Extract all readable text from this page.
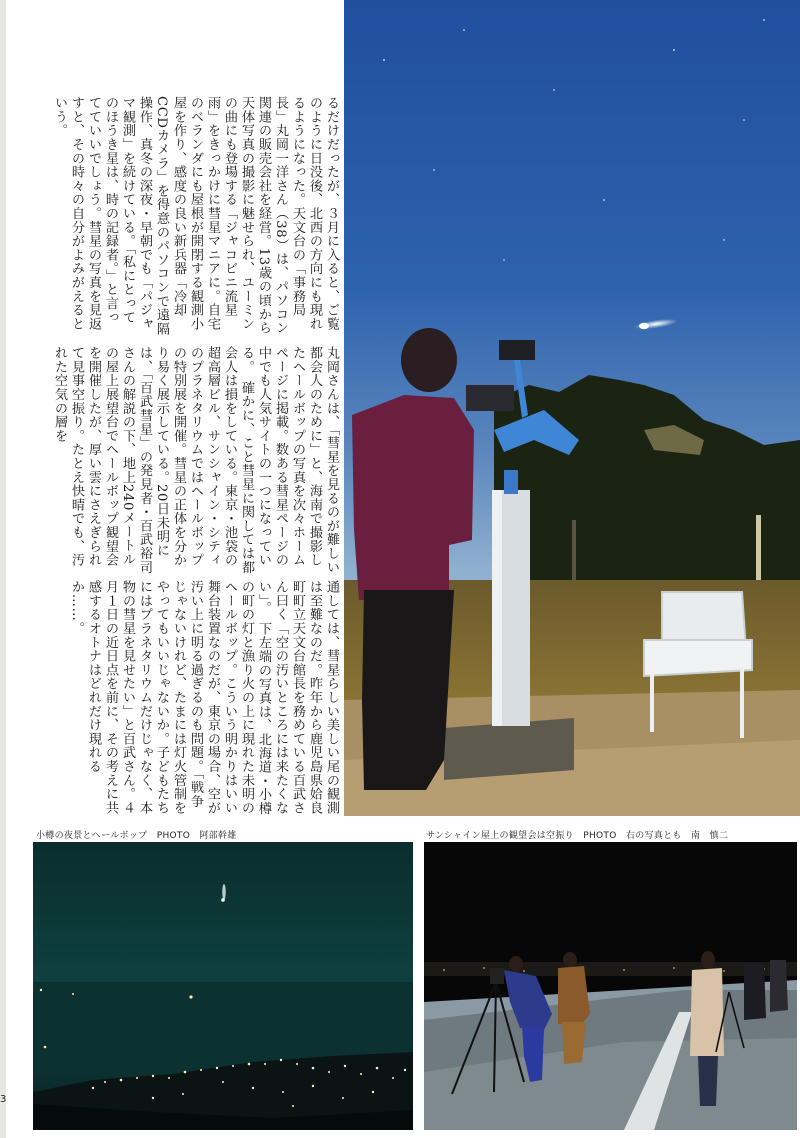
るだけだったが、３月に入ると、ご覧のように日没後、北西の方向にも現れるようになった。天文台の「事務局長」丸岡一洋さん（38）は、パソコン関連の販売会社を経営。13歳の頃から天体写真の撮影に魅せられ、ユーミンの曲にも登場する「ジャコビニ流星雨」をきっかけに彗星マニアに。自宅のベランダにも屋根が開閉する観測小屋を作り、感度の良い新兵器「冷却CCDカメラ」を得意のパソコンで遠隔操作、真冬の深夜・早朝でも「パジャマ観測」を続けている。「私にとってのほうき星は、時の記録者。」と言ってていいでしょう。彗星の写真を見返すと、その時々の自分がよみがえるという。

丸岡さんは、「彗星を見るのが難しい都会人のために」と、海南で撮影したヘールボップの写真を次々ホームページに掲載。数ある彗星ページの中でも人気サイトの一つになっている。　確かに、こと彗星に関しては都会人は損をしている。東京・池袋の超高層ビル、サンシャイン・シティのプラネタリウムではヘールボップの特別展を開催。彗星の正体を分かり易く展示している。20日未明には、「百武彗星」の発見者・百武裕司さんの解説の下、地上240メートルの屋上展望台でヘールボップ観望会を開催したが、厚い雲にさえぎられて見事空振り。たとえ快晴でも、汚れた空気の層を

通しては、彗星らしい美しい尾の観測は至難なのだ。昨年から鹿児島県姶良町町立天文台館長を務めている百武さん曰く「空の汚いところには来たくない」。　下左端の写真は、北海道・小樽の町の灯と漁り火の上に現れた未明のヘールボップ。こういう明かりはいい舞台装置なのだが、東京の場合、空が汚い上に明る過ぎるのも問題。「戦争じゃないけれど、たまには灯火管制をやってもいいじゃないか。子どもたちにはプラネタリウムだけじゃなく、本物の彗星を見せたい」と百武さん。４月１日の近日点を前に、その考えに共感するオトナはどれだけ現れるか……。

小樽の夜景とヘールボップ　PHOTO　阿部幹雄	サンシャイン屋上の観望会は空振り　PHOTO　右の写真とも　南　慎二
3
